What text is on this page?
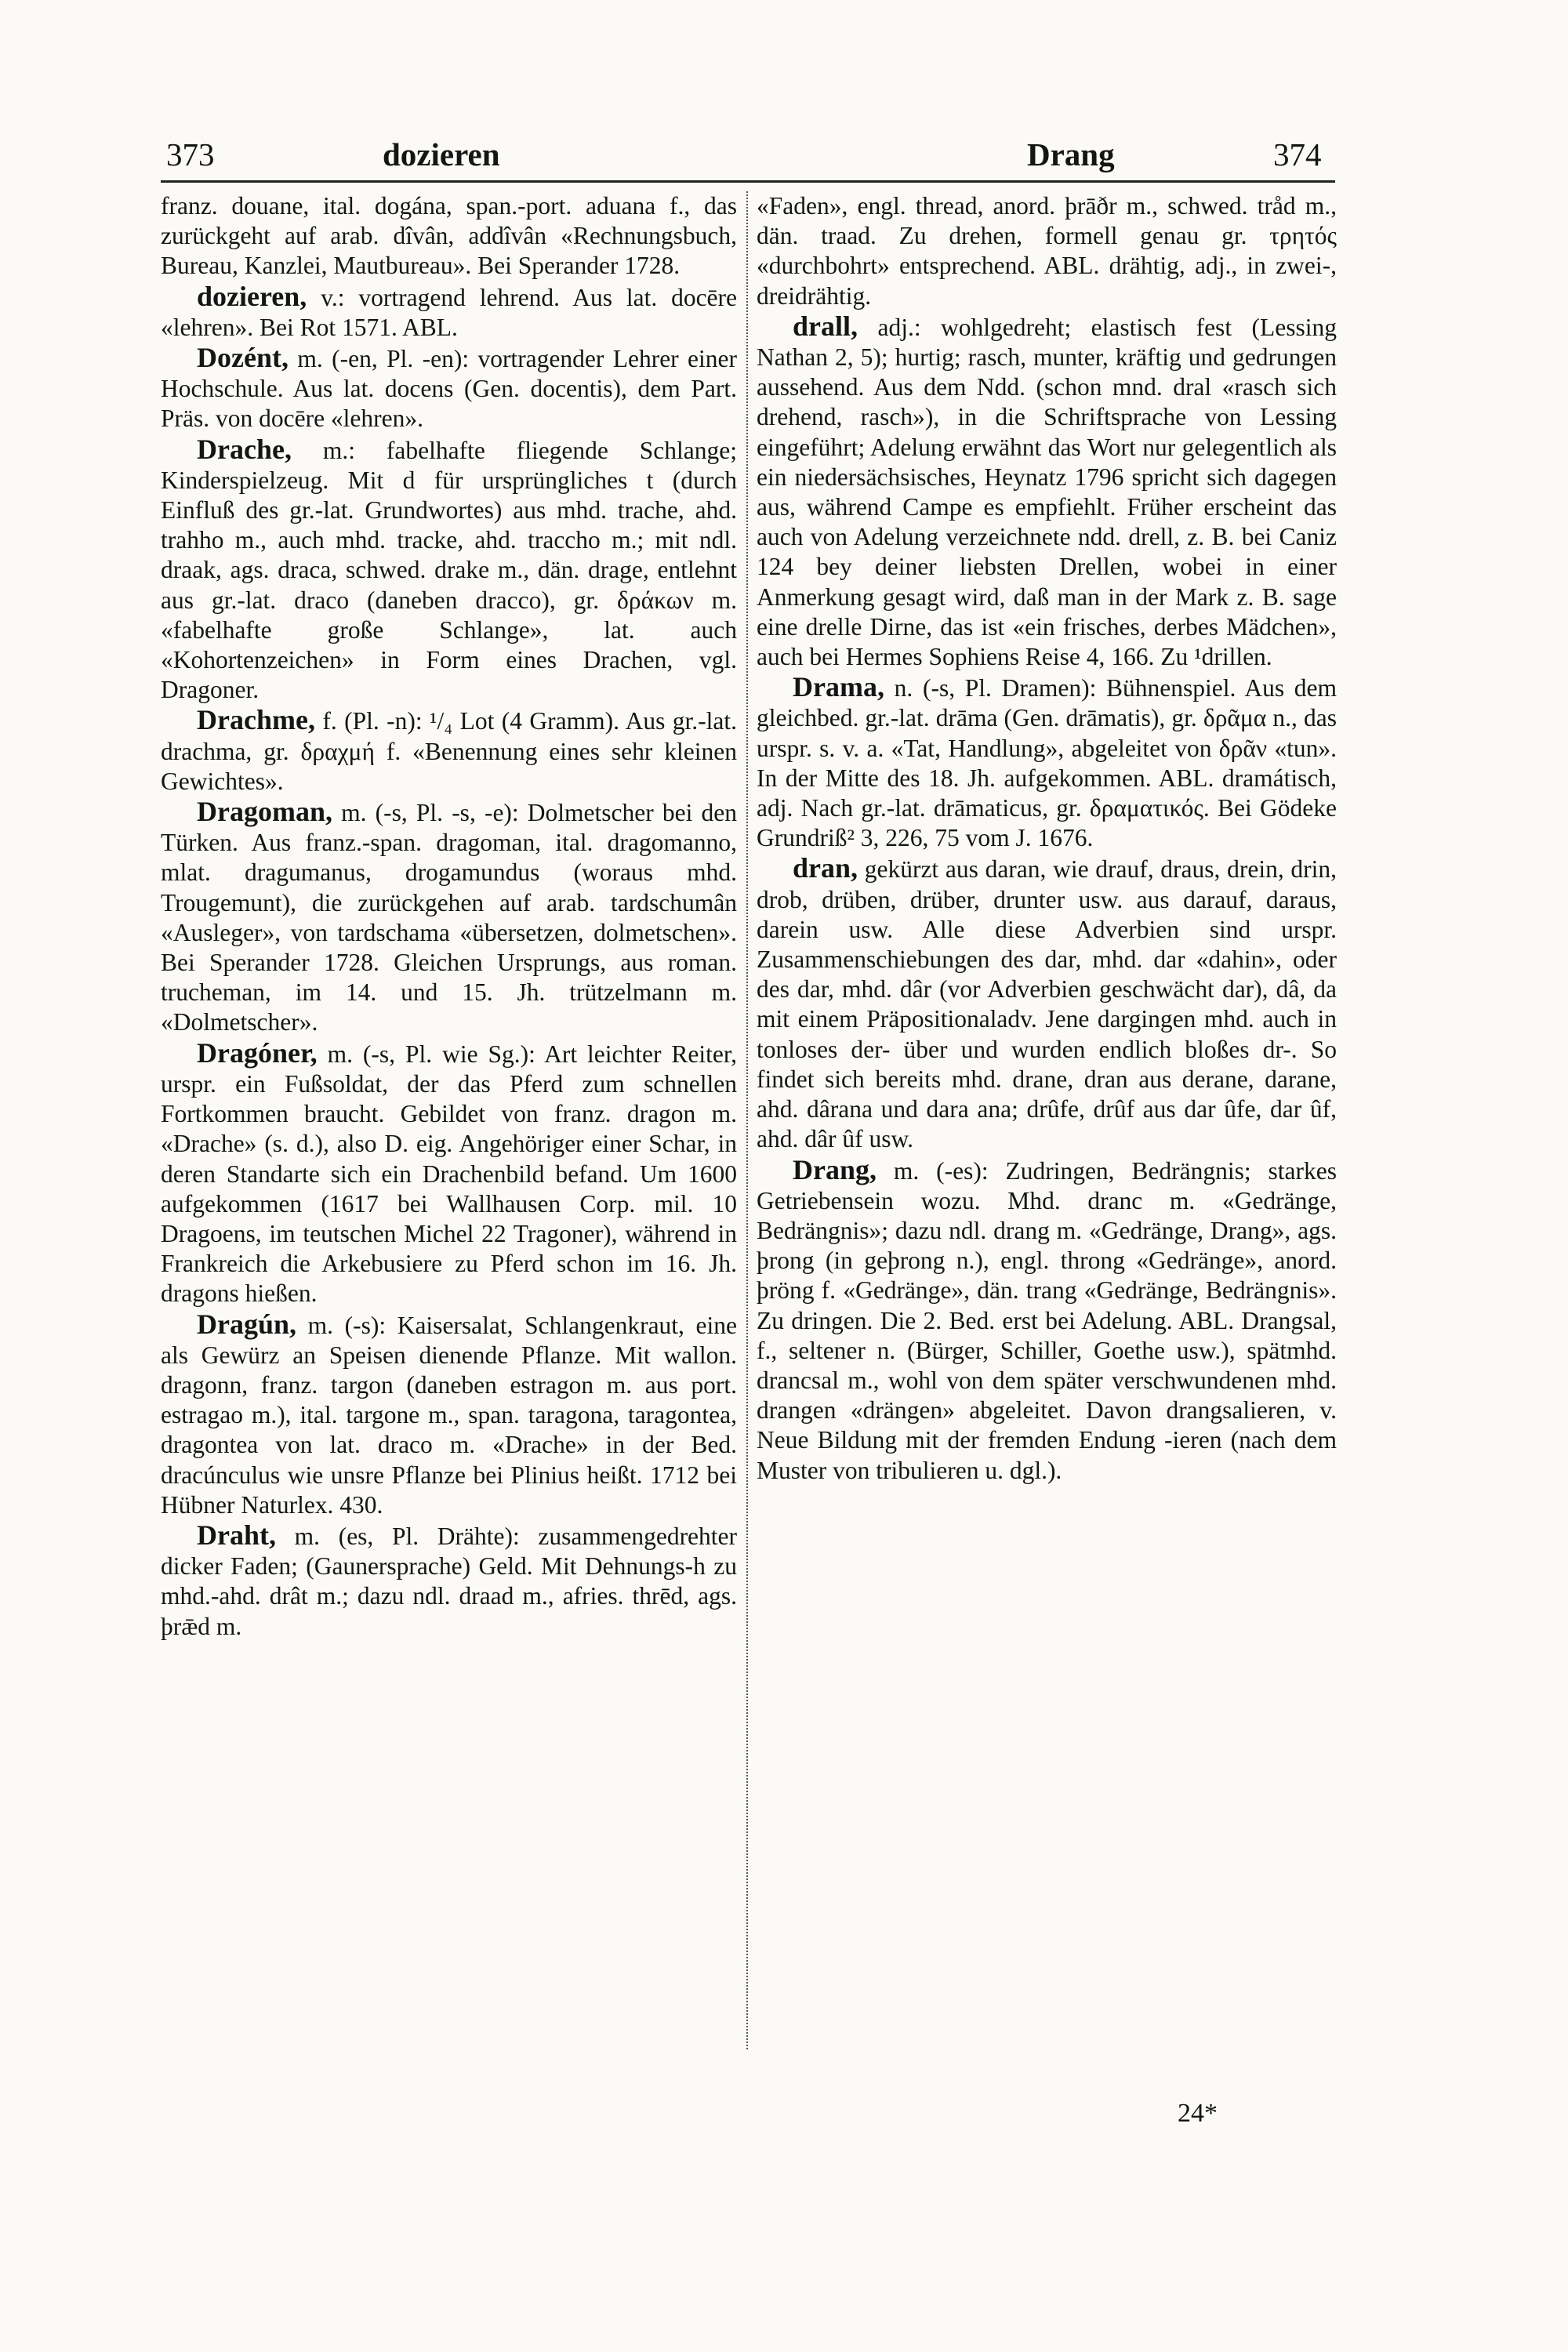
373	dozieren	Drang	374

franz. douane, ital. dogána, span.-port. aduana f., das zurückgeht auf arab. dîvân, addîvân «Rechnungsbuch, Bureau, Kanzlei, Mautbureau». Bei Sperander 1728.

dozieren, v.: vortragend lehrend. Aus lat. docēre «lehren». Bei Rot 1571. ABL.

Dozént, m. (-en, Pl. -en): vortragender Lehrer einer Hochschule. Aus lat. docens (Gen. docentis), dem Part. Präs. von docēre «lehren».

Drache, m.: fabelhafte fliegende Schlange; Kinderspielzeug. Mit d für ursprüngliches t (durch Einfluß des gr.-lat. Grundwortes) aus mhd. trache, ahd. trahho m., auch mhd. tracke, ahd. traccho m.; mit ndl. draak, ags. draca, schwed. drake m., dän. drage, entlehnt aus gr.-lat. draco (daneben dracco), gr. δράκων m. «fabelhafte große Schlange», lat. auch «Kohortenzeichen» in Form eines Drachen, vgl. Dragoner.

Drachme, f. (Pl. -n): ¹/₄ Lot (4 Gramm). Aus gr.-lat. drachma, gr. δραχμή f. «Benennung eines sehr kleinen Gewichtes».

Dragoman, m. (-s, Pl. -s, -e): Dolmetscher bei den Türken. Aus franz.-span. dragoman, ital. dragomanno, mlat. dragumanus, drogamundus (woraus mhd. Trougemunt), die zurückgehen auf arab. tardschumân «Ausleger», von tardschama «übersetzen, dolmetschen». Bei Sperander 1728. Gleichen Ursprungs, aus roman. trucheman, im 14. und 15. Jh. trützelmann m. «Dolmetscher».

Dragóner, m. (-s, Pl. wie Sg.): Art leichter Reiter, urspr. ein Fußsoldat, der das Pferd zum schnellen Fortkommen braucht. Gebildet von franz. dragon m. «Drache» (s. d.), also D. eig. Angehöriger einer Schar, in deren Standarte sich ein Drachenbild befand. Um 1600 aufgekommen (1617 bei Wallhausen Corp. mil. 10 Dragoens, im teutschen Michel 22 Tragoner), während in Frankreich die Arkebusiere zu Pferd schon im 16. Jh. dragons hießen.

Dragún, m. (-s): Kaisersalat, Schlangenkraut, eine als Gewürz an Speisen dienende Pflanze. Mit wallon. dragonn, franz. targon (daneben estragon m. aus port. estragao m.), ital. targone m., span. taragona, taragontea, dragontea von lat. draco m. «Drache» in der Bed. dracúnculus wie unsre Pflanze bei Plinius heißt. 1712 bei Hübner Naturlex. 430.

Draht, m. (es, Pl. Drähte): zusammengedrehter dicker Faden; (Gaunersprache) Geld. Mit Dehnungs-h zu mhd.-ahd. drât m.; dazu ndl. draad m., afries. thrēd, ags. þrǣd m.

«Faden», engl. thread, anord. þrāðr m., schwed. tråd m., dän. traad. Zu drehen, formell genau gr. τρητός «durchbohrt» entsprechend. ABL. drähtig, adj., in zwei-, dreidrähtig.

drall, adj.: wohlgedreht; elastisch fest (Lessing Nathan 2, 5); hurtig; rasch, munter, kräftig und gedrungen aussehend. Aus dem Ndd. (schon mnd. dral «rasch sich drehend, rasch»), in die Schriftsprache von Lessing eingeführt; Adelung erwähnt das Wort nur gelegentlich als ein niedersächsisches, Heynatz 1796 spricht sich dagegen aus, während Campe es empfiehlt. Früher erscheint das auch von Adelung verzeichnete ndd. drell, z. B. bei Caniz 124 bey deiner liebsten Drellen, wobei in einer Anmerkung gesagt wird, daß man in der Mark z. B. sage eine drelle Dirne, das ist «ein frisches, derbes Mädchen», auch bei Hermes Sophiens Reise 4, 166. Zu ¹drillen.

Drama, n. (-s, Pl. Dramen): Bühnenspiel. Aus dem gleichbed. gr.-lat. drāma (Gen. drāmatis), gr. δρᾶμα n., das urspr. s. v. a. «Tat, Handlung», abgeleitet von δρᾶν «tun». In der Mitte des 18. Jh. aufgekommen. ABL. dramátisch, adj. Nach gr.-lat. drāmaticus, gr. δραματικός. Bei Gödeke Grundriß² 3, 226, 75 vom J. 1676.

dran, gekürzt aus daran, wie drauf, draus, drein, drin, drob, drüben, drüber, drunter usw. aus darauf, daraus, darein usw. Alle diese Adverbien sind urspr. Zusammenschiebungen des dar, mhd. dar «dahin», oder des dar, mhd. dâr (vor Adverbien geschwächt dar), dâ, da mit einem Präpositionaladv. Jene dargingen mhd. auch in tonloses der- über und wurden endlich bloßes dr-. So findet sich bereits mhd. drane, dran aus derane, darane, ahd. dârana und dara ana; drûfe, drûf aus dar ûfe, dar ûf, ahd. dâr ûf usw.

Drang, m. (-es): Zudringen, Bedrängnis; starkes Getriebensein wozu. Mhd. dranc m. «Gedränge, Bedrängnis»; dazu ndl. drang m. «Gedränge, Drang», ags. þrong (in geþrong n.), engl. throng «Gedränge», anord. þröng f. «Gedränge», dän. trang «Gedränge, Bedrängnis». Zu dringen. Die 2. Bed. erst bei Adelung. ABL. Drangsal, f., seltener n. (Bürger, Schiller, Goethe usw.), spätmhd. drancsal m., wohl von dem später verschwundenen mhd. drangen «drängen» abgeleitet. Davon drangsalieren, v. Neue Bildung mit der fremden Endung -ieren (nach dem Muster von tribulieren u. dgl.).

24*
